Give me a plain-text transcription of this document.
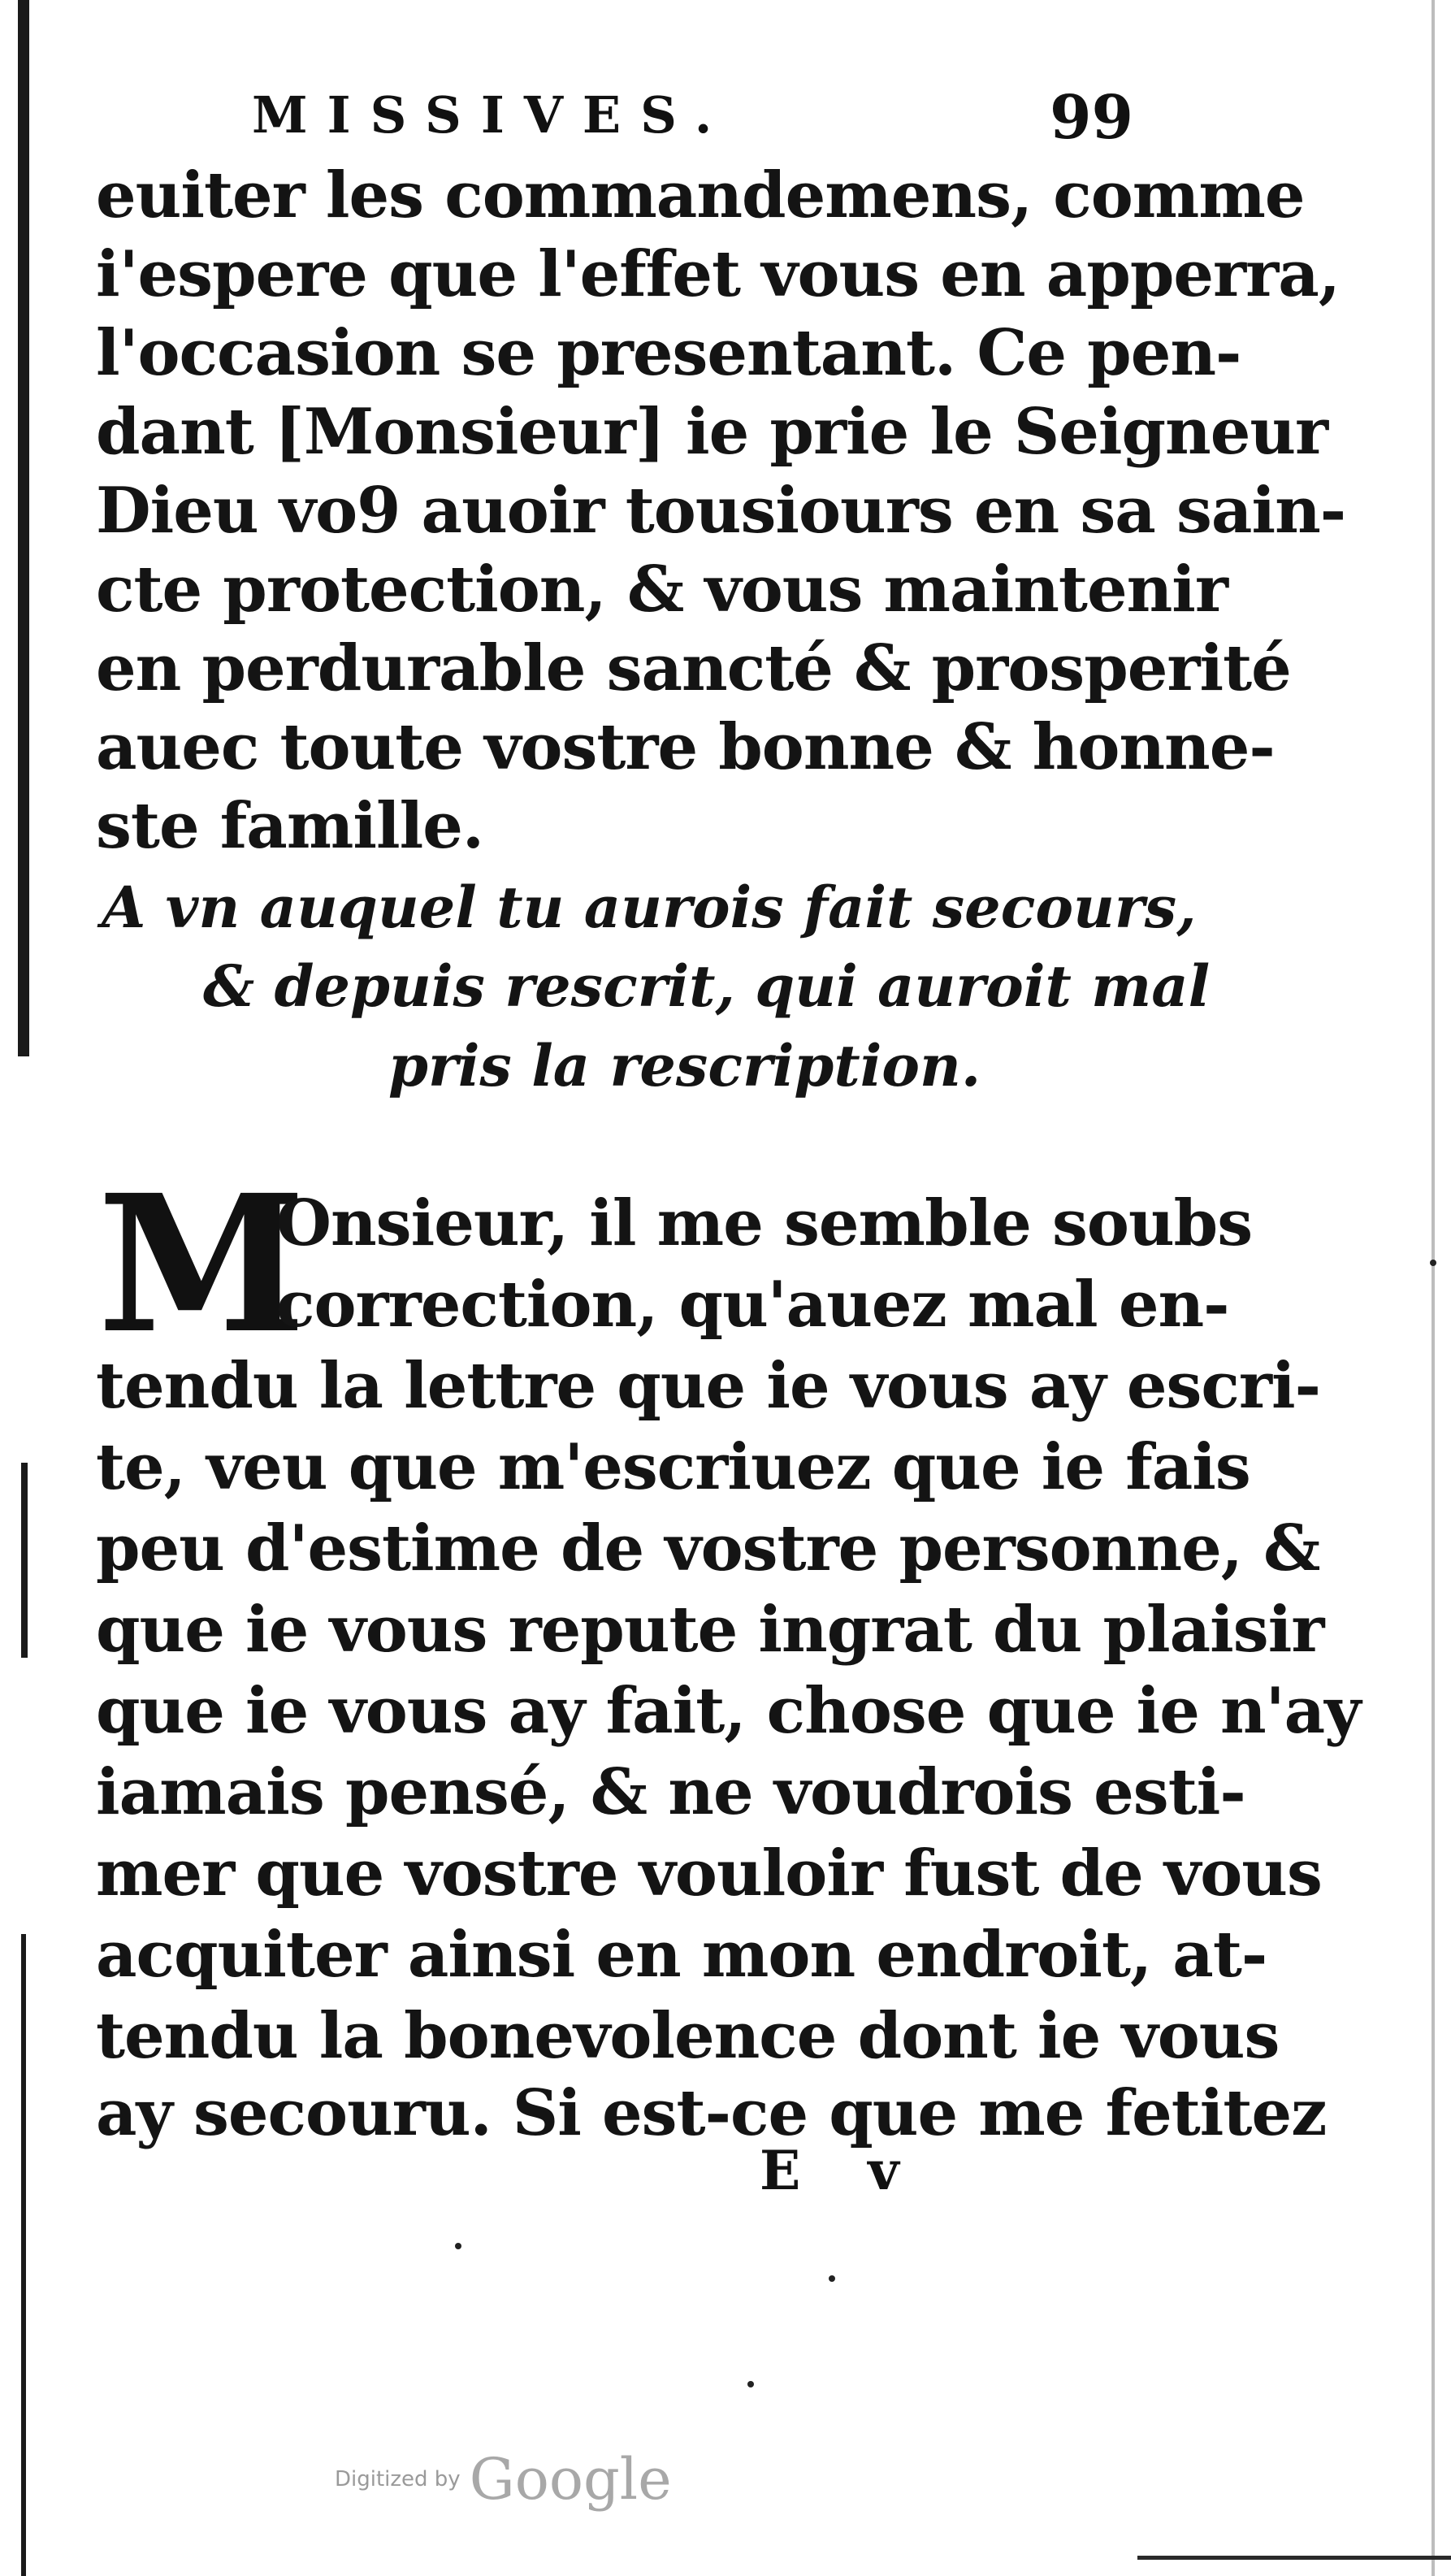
MISSIVES.	99
euiter les commandemens, comme
i'espere que l'effet vous en apperra,
l'occasion se presentant. Ce pen-
dant [Monsieur] ie prie le Seigneur
Dieu vo9 auoir tousiours en sa sain-
cte protection, & vous maintenir
en perdurable sancté & prosperité
auec toute vostre bonne & honne-
ste famille.
A vn auquel tu aurois fait secours,
& depuis rescrit, qui auroit mal
pris la rescription.
M
Onsieur, il me semble soubs
correction, qu'auez mal en-
tendu la lettre que ie vous ay escri-
te, veu que m'escriuez que ie fais
peu d'estime de vostre personne, &
que ie vous repute ingrat du plaisir
que ie vous ay fait, chose que ie n'ay
iamais pensé, & ne voudrois esti-
mer que vostre vouloir fust de vous
acquiter ainsi en mon endroit, at-
tendu la bonevolence dont ie vous
ay secouru. Si est-ce que me fetitez
E v
Digitized by Google
